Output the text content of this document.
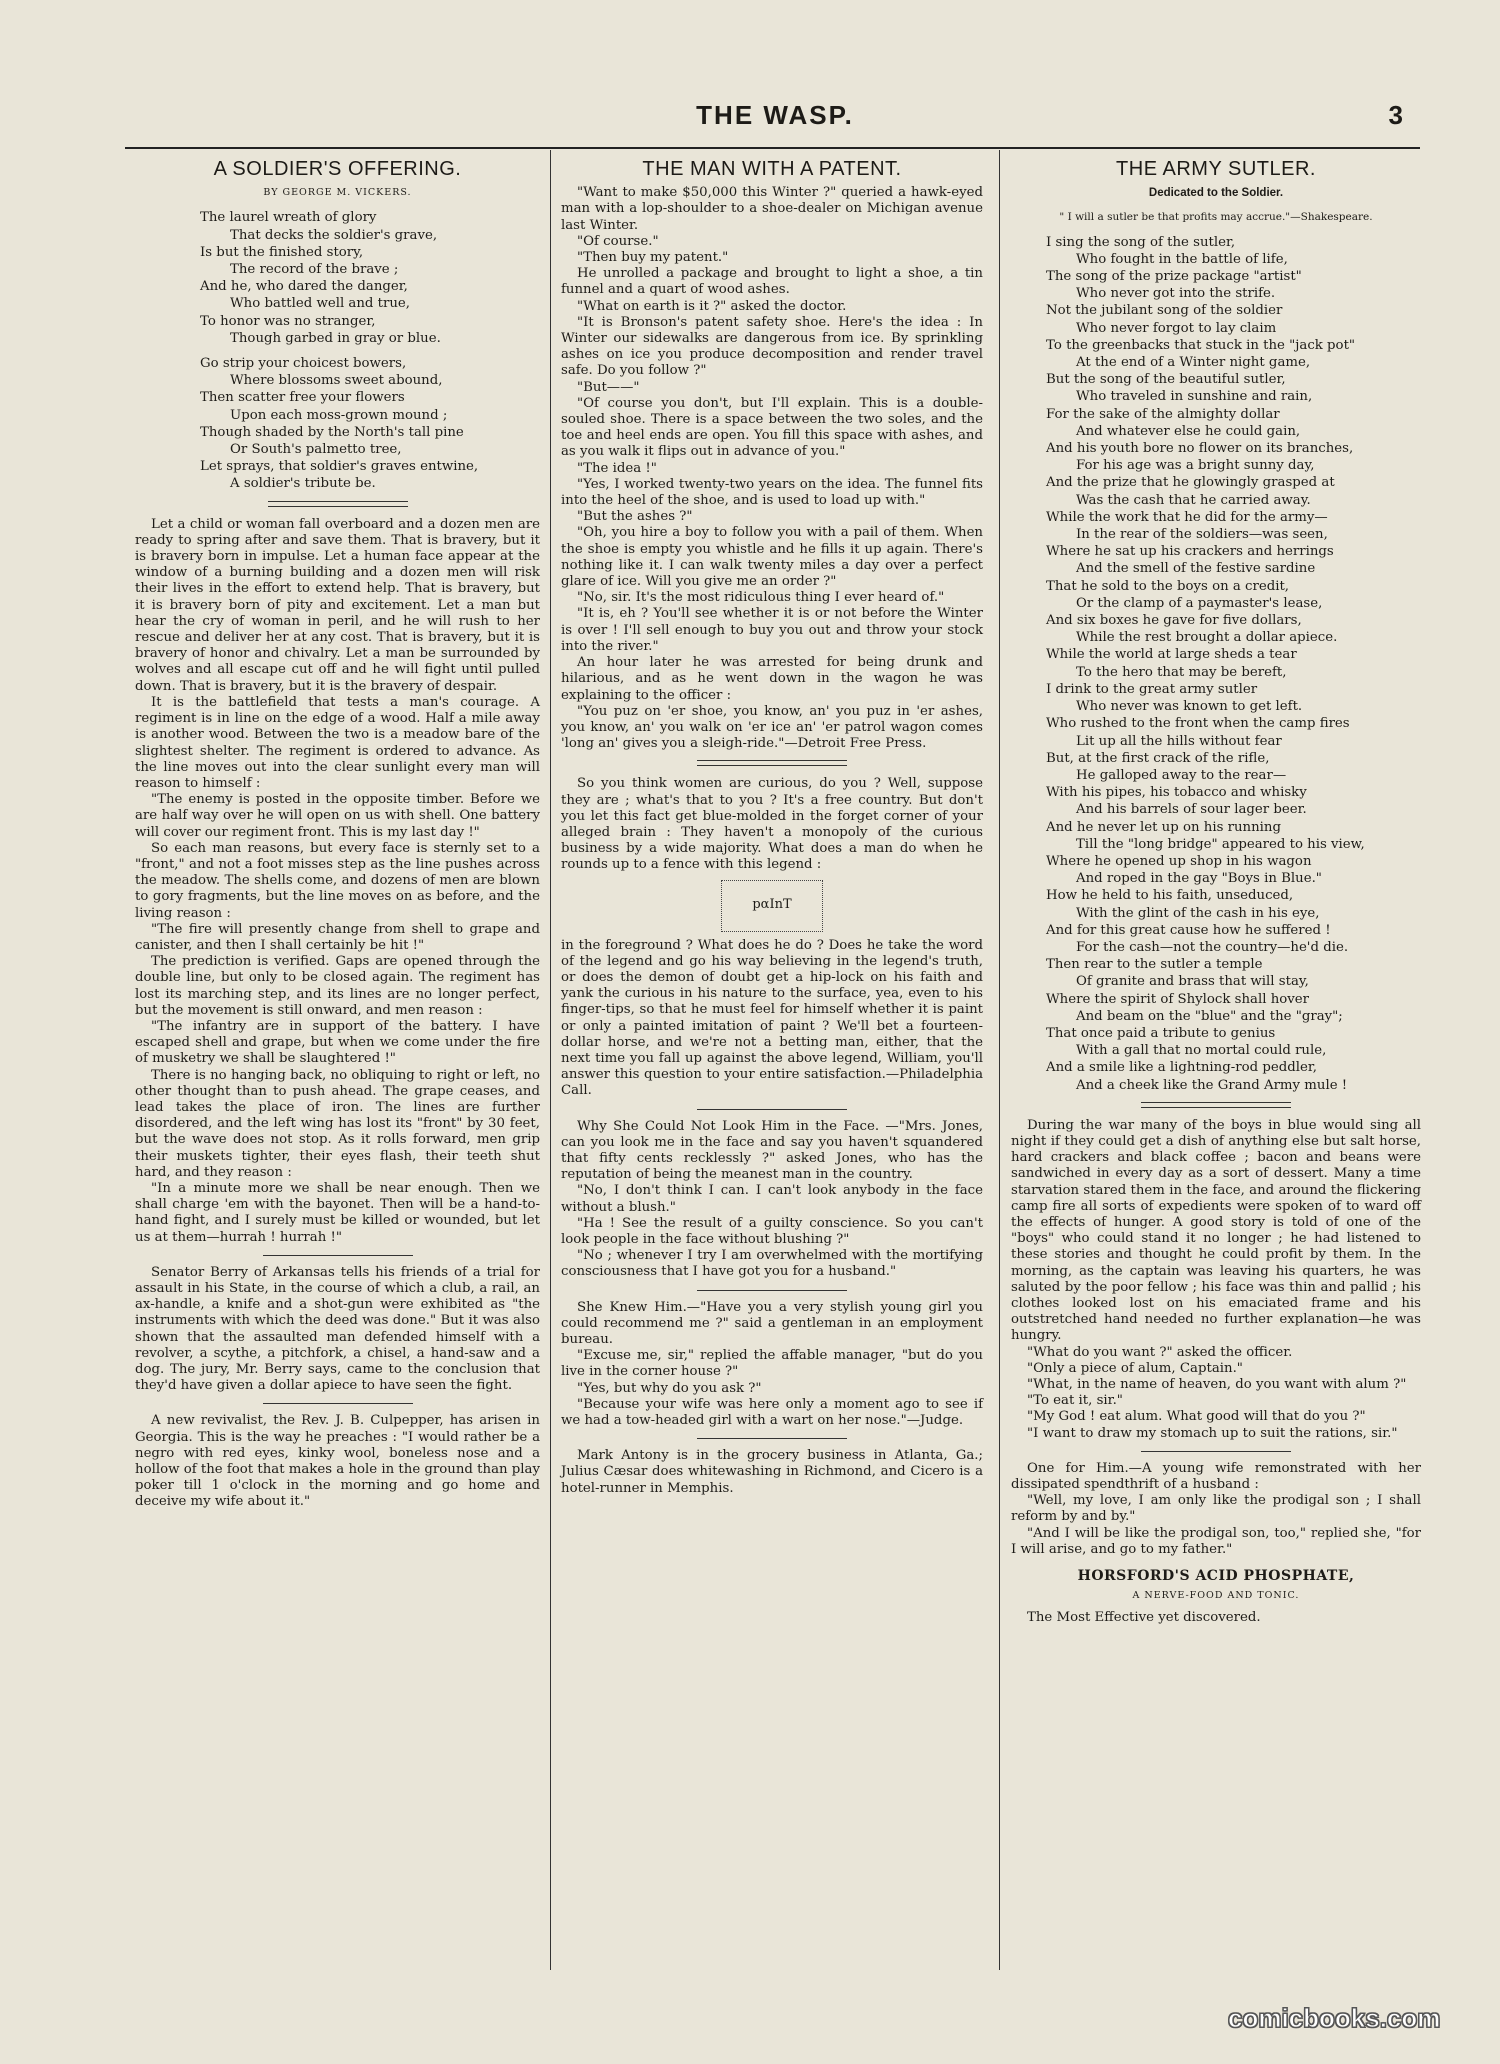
THE WASP.	3
A SOLDIER'S OFFERING.
BY GEORGE M. VICKERS.
The laurel wreath of glory
That decks the soldier's grave,
Is but the finished story,
The record of the brave ;
And he, who dared the danger,
Who battled well and true,
To honor was no stranger,
Though garbed in gray or blue.
Go strip your choicest bowers,
Where blossoms sweet abound,
Then scatter free your flowers
Upon each moss-grown mound ;
Though shaded by the North's tall pine
Or South's palmetto tree,
Let sprays, that soldier's graves entwine,
A soldier's tribute be.

Let a child or woman fall overboard and a dozen men are ready to spring after and save them. That is bravery, but it is bravery born in impulse. Let a human face appear at the window of a burning building and a dozen men will risk their lives in the effort to extend help. That is bravery, but it is bravery born of pity and excitement. Let a man but hear the cry of woman in peril, and he will rush to her rescue and deliver her at any cost. That is bravery, but it is bravery of honor and chivalry. Let a man be surrounded by wolves and all escape cut off and he will fight until pulled down. That is bravery, but it is the bravery of despair.

It is the battlefield that tests a man's courage. A regiment is in line on the edge of a wood. Half a mile away is another wood. Between the two is a meadow bare of the slightest shelter. The regiment is ordered to advance. As the line moves out into the clear sunlight every man will reason to himself :

"The enemy is posted in the opposite timber. Before we are half way over he will open on us with shell. One battery will cover our regiment front. This is my last day !"

So each man reasons, but every face is sternly set to a "front," and not a foot misses step as the line pushes across the meadow. The shells come, and dozens of men are blown to gory fragments, but the line moves on as before, and the living reason :

"The fire will presently change from shell to grape and canister, and then I shall certainly be hit !"

The prediction is verified. Gaps are opened through the double line, but only to be closed again. The regiment has lost its marching step, and its lines are no longer perfect, but the movement is still onward, and men reason :

"The infantry are in support of the battery. I have escaped shell and grape, but when we come under the fire of musketry we shall be slaughtered !"

There is no hanging back, no obliquing to right or left, no other thought than to push ahead. The grape ceases, and lead takes the place of iron. The lines are further disordered, and the left wing has lost its "front" by 30 feet, but the wave does not stop. As it rolls forward, men grip their muskets tighter, their eyes flash, their teeth shut hard, and they reason :

"In a minute more we shall be near enough. Then we shall charge 'em with the bayonet. Then will be a hand-to-hand fight, and I surely must be killed or wounded, but let us at them—hurrah ! hurrah !"

Senator Berry of Arkansas tells his friends of a trial for assault in his State, in the course of which a club, a rail, an ax-handle, a knife and a shot-gun were exhibited as "the instruments with which the deed was done." But it was also shown that the assaulted man defended himself with a revolver, a scythe, a pitchfork, a chisel, a hand-saw and a dog. The jury, Mr. Berry says, came to the conclusion that they'd have given a dollar apiece to have seen the fight.

A new revivalist, the Rev. J. B. Culpepper, has arisen in Georgia. This is the way he preaches : "I would rather be a negro with red eyes, kinky wool, boneless nose and a hollow of the foot that makes a hole in the ground than play poker till 1 o'clock in the morning and go home and deceive my wife about it."

THE MAN WITH A PATENT.

"Want to make $50,000 this Winter ?" queried a hawk-eyed man with a lop-shoulder to a shoe-dealer on Michigan avenue last Winter.

"Of course."

"Then buy my patent."

He unrolled a package and brought to light a shoe, a tin funnel and a quart of wood ashes.

"What on earth is it ?" asked the doctor.

"It is Bronson's patent safety shoe. Here's the idea : In Winter our sidewalks are dangerous from ice. By sprinkling ashes on ice you produce decomposition and render travel safe. Do you follow ?"

"But——"

"Of course you don't, but I'll explain. This is a double-souled shoe. There is a space between the two soles, and the toe and heel ends are open. You fill this space with ashes, and as you walk it flips out in advance of you."

"The idea !"

"Yes, I worked twenty-two years on the idea. The funnel fits into the heel of the shoe, and is used to load up with."

"But the ashes ?"

"Oh, you hire a boy to follow you with a pail of them. When the shoe is empty you whistle and he fills it up again. There's nothing like it. I can walk twenty miles a day over a perfect glare of ice. Will you give me an order ?"

"No, sir. It's the most ridiculous thing I ever heard of."

"It is, eh ? You'll see whether it is or not before the Winter is over ! I'll sell enough to buy you out and throw your stock into the river."

An hour later he was arrested for being drunk and hilarious, and as he went down in the wagon he was explaining to the officer :

"You puz on 'er shoe, you know, an' you puz in 'er ashes, you know, an' you walk on 'er ice an' 'er patrol wagon comes 'long an' gives you a sleigh-ride."—Detroit Free Press.

So you think women are curious, do you ? Well, suppose they are ; what's that to you ? It's a free country. But don't you let this fact get blue-molded in the forget corner of your alleged brain : They haven't a monopoly of the curious business by a wide majority. What does a man do when he rounds up to a fence with this legend :

pαInT

in the foreground ? What does he do ? Does he take the word of the legend and go his way believing in the legend's truth, or does the demon of doubt get a hip-lock on his faith and yank the curious in his nature to the surface, yea, even to his finger-tips, so that he must feel for himself whether it is paint or only a painted imitation of paint ? We'll bet a fourteen-dollar horse, and we're not a betting man, either, that the next time you fall up against the above legend, William, you'll answer this question to your entire satisfaction.—Philadelphia Call.

Why She Could Not Look Him in the Face. —"Mrs. Jones, can you look me in the face and say you haven't squandered that fifty cents recklessly ?" asked Jones, who has the reputation of being the meanest man in the country.

"No, I don't think I can. I can't look anybody in the face without a blush."

"Ha ! See the result of a guilty conscience. So you can't look people in the face without blushing ?"

"No ; whenever I try I am overwhelmed with the mortifying consciousness that I have got you for a husband."

She Knew Him.—"Have you a very stylish young girl you could recommend me ?" said a gentleman in an employment bureau.

"Excuse me, sir," replied the affable manager, "but do you live in the corner house ?"

"Yes, but why do you ask ?"

"Because your wife was here only a moment ago to see if we had a tow-headed girl with a wart on her nose."—Judge.

Mark Antony is in the grocery business in Atlanta, Ga.; Julius Cæsar does whitewashing in Richmond, and Cicero is a hotel-runner in Memphis.

THE ARMY SUTLER.
Dedicated to the Soldier.
" I will a sutler be that profits may accrue."—Shakespeare.
I sing the song of the sutler,
Who fought in the battle of life,
The song of the prize package "artist"
Who never got into the strife.
Not the jubilant song of the soldier
Who never forgot to lay claim
To the greenbacks that stuck in the "jack pot"
At the end of a Winter night game,
But the song of the beautiful sutler,
Who traveled in sunshine and rain,
For the sake of the almighty dollar
And whatever else he could gain,
And his youth bore no flower on its branches,
For his age was a bright sunny day,
And the prize that he glowingly grasped at
Was the cash that he carried away.
While the work that he did for the army—
In the rear of the soldiers—was seen,
Where he sat up his crackers and herrings
And the smell of the festive sardine
That he sold to the boys on a credit,
Or the clamp of a paymaster's lease,
And six boxes he gave for five dollars,
While the rest brought a dollar apiece.
While the world at large sheds a tear
To the hero that may be bereft,
I drink to the great army sutler
Who never was known to get left.
Who rushed to the front when the camp fires
Lit up all the hills without fear
But, at the first crack of the rifle,
He galloped away to the rear—
With his pipes, his tobacco and whisky
And his barrels of sour lager beer.
And he never let up on his running
Till the "long bridge" appeared to his view,
Where he opened up shop in his wagon
And roped in the gay "Boys in Blue."
How he held to his faith, unseduced,
With the glint of the cash in his eye,
And for this great cause how he suffered !
For the cash—not the country—he'd die.
Then rear to the sutler a temple
Of granite and brass that will stay,
Where the spirit of Shylock shall hover
And beam on the "blue" and the "gray";
That once paid a tribute to genius
With a gall that no mortal could rule,
And a smile like a lightning-rod peddler,
And a cheek like the Grand Army mule !

During the war many of the boys in blue would sing all night if they could get a dish of anything else but salt horse, hard crackers and black coffee ; bacon and beans were sandwiched in every day as a sort of dessert. Many a time starvation stared them in the face, and around the flickering camp fire all sorts of expedients were spoken of to ward off the effects of hunger. A good story is told of one of the "boys" who could stand it no longer ; he had listened to these stories and thought he could profit by them. In the morning, as the captain was leaving his quarters, he was saluted by the poor fellow ; his face was thin and pallid ; his clothes looked lost on his emaciated frame and his outstretched hand needed no further explanation—he was hungry.

"What do you want ?" asked the officer.

"Only a piece of alum, Captain."

"What, in the name of heaven, do you want with alum ?"

"To eat it, sir."

"My God ! eat alum. What good will that do you ?"

"I want to draw my stomach up to suit the rations, sir."

One for Him.—A young wife remonstrated with her dissipated spendthrift of a husband :

"Well, my love, I am only like the prodigal son ; I shall reform by and by."

"And I will be like the prodigal son, too," replied she, "for I will arise, and go to my father."

HORSFORD'S ACID PHOSPHATE,
A NERVE-FOOD AND TONIC.

The Most Effective yet discovered.

comicbooks.com
